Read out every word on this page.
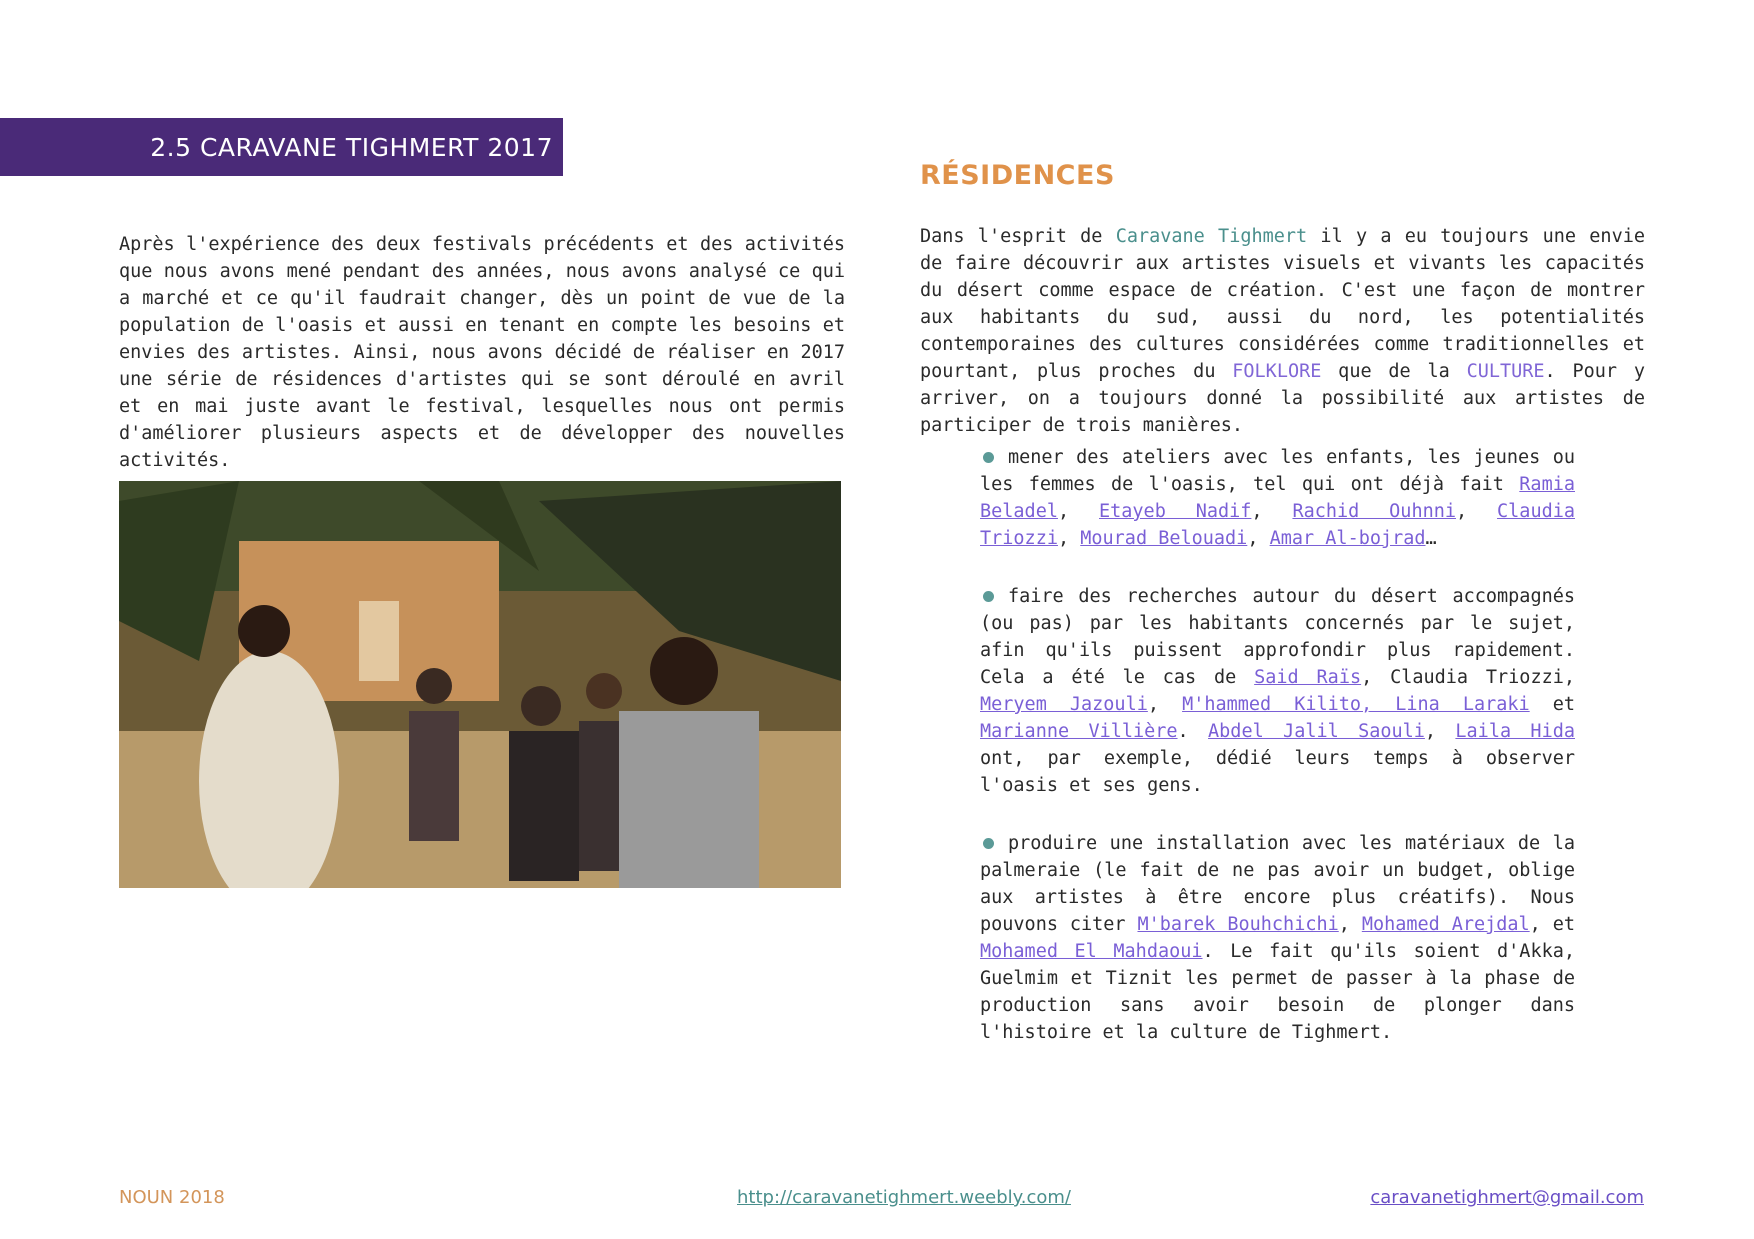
2.5 CARAVANE TIGHMERT 2017

Après l'expérience des deux festivals précédents et des activités que nous avons mené pendant des années, nous avons analysé ce qui a marché et ce qu'il faudrait changer, dès un point de vue de la population de l'oasis et aussi en tenant en compte les besoins et envies des artistes. Ainsi, nous avons décidé de réaliser en 2017 une série de résidences d'artistes qui se sont déroulé en avril et en mai juste avant le festival, lesquelles nous ont permis d'améliorer plusieurs aspects et de développer des nouvelles activités.

RÉSIDENCES

Dans l'esprit de Caravane Tighmert il y a eu toujours une envie de faire découvrir aux artistes visuels et vivants les capacités du désert comme espace de création. C'est une façon de montrer aux habitants du sud, aussi du nord, les potentialités contemporaines des cultures considérées comme traditionnelles et pourtant, plus proches du FOLKLORE que de la CULTURE. Pour y arriver, on a toujours donné la possibilité aux artistes de participer de trois manières.

mener des ateliers avec les enfants, les jeunes ou les femmes de l'oasis, tel qui ont déjà fait Ramia Beladel, Etayeb Nadif, Rachid Ouhnni, Claudia Triozzi, Mourad Belouadi, Amar Al-bojrad…
faire des recherches autour du désert accompagnés (ou pas) par les habitants concernés par le sujet, afin qu'ils puissent approfondir plus rapidement. Cela a été le cas de Said Raïs, Claudia Triozzi, Meryem Jazouli, M'hammed Kilito, Lina Laraki et Marianne Villière. Abdel Jalil Saouli, Laila Hida ont, par exemple, dédié leurs temps à observer l'oasis et ses gens.
produire une installation avec les matériaux de la palmeraie (le fait de ne pas avoir un budget, oblige aux artistes à être encore plus créatifs). Nous pouvons citer M'barek Bouhchichi, Mohamed Arejdal, et Mohamed El Mahdaoui. Le fait qu'ils soient d'Akka, Guelmim et Tiznit les permet de passer à la phase de production sans avoir besoin de plonger dans l'histoire et la culture de Tighmert.

NOUN 2018	http://caravanetighmert.weebly.com/	caravanetighmert@gmail.com
